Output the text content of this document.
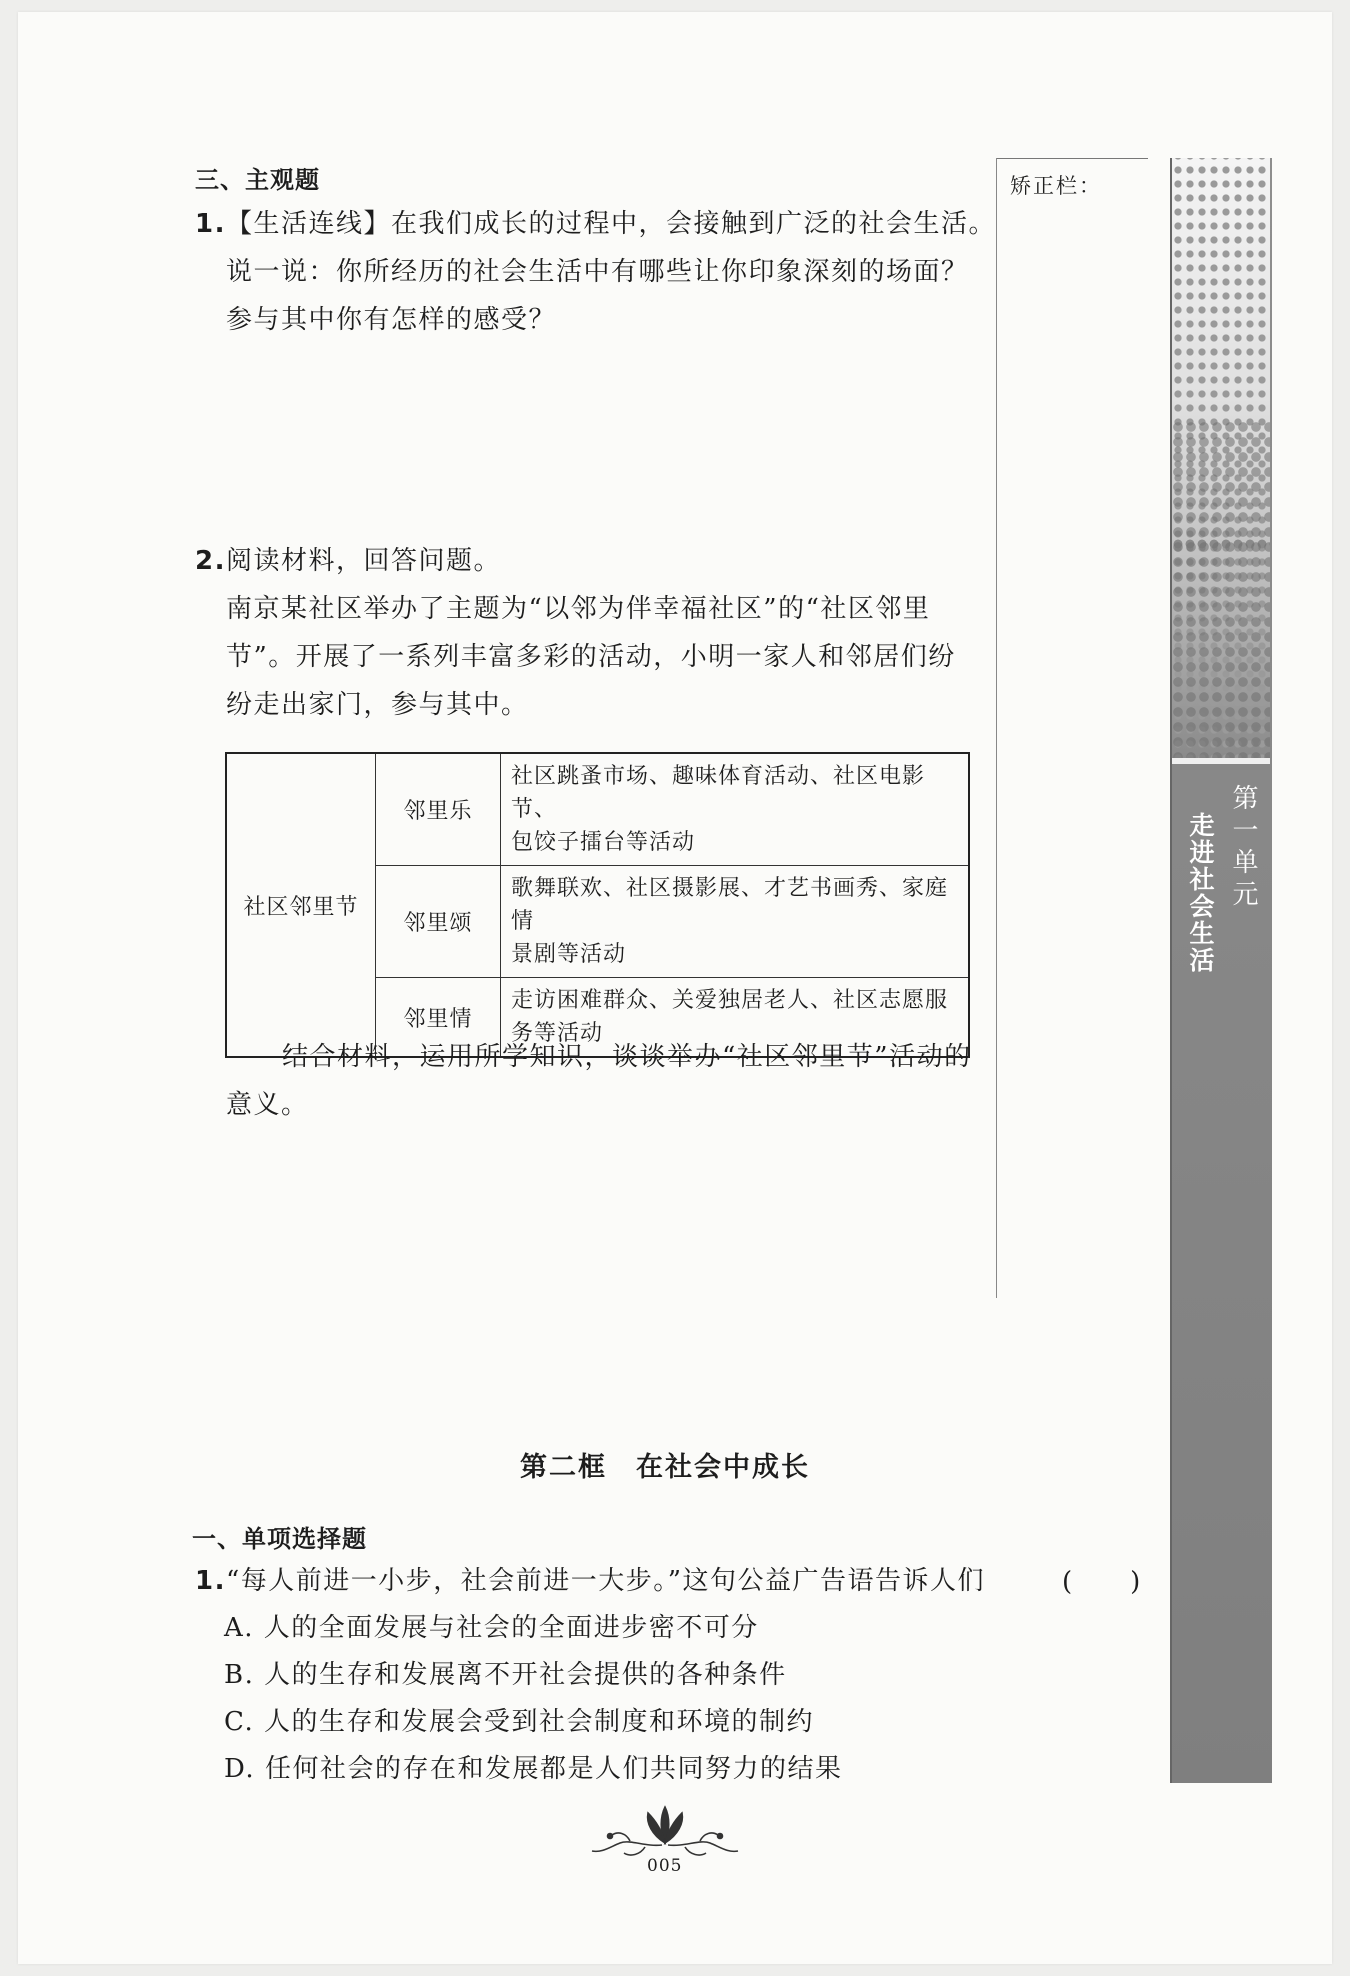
三、主观题
1.【生活连线】在我们成长的过程中，会接触到广泛的社会生活。
说一说：你所经历的社会生活中有哪些让你印象深刻的场面？
参与其中你有怎样的感受？
2.阅读材料，回答问题。
南京某社区举办了主题为“以邻为伴幸福社区”的“社区邻里
节”。开展了一系列丰富多彩的活动，小明一家人和邻居们纷
纷走出家门，参与其中。
社区邻里节	邻里乐	社区跳蚤市场、趣味体育活动、社区电影节、
包饺子擂台等活动

	邻里颂	歌舞联欢、社区摄影展、才艺书画秀、家庭情
景剧等活动

	邻里情	走访困难群众、关爱独居老人、社区志愿服
务等活动
结合材料，运用所学知识，谈谈举办“社区邻里节”活动的
意义。
矫正栏：
第一单元
走进社会生活
第二框　在社会中成长
一、单项选择题
1.“每人前进一小步，社会前进一大步。”这句公益广告语告诉人们	(　　)
A. 人的全面发展与社会的全面进步密不可分
B. 人的生存和发展离不开社会提供的各种条件
C. 人的生存和发展会受到社会制度和环境的制约
D. 任何社会的存在和发展都是人们共同努力的结果
005
